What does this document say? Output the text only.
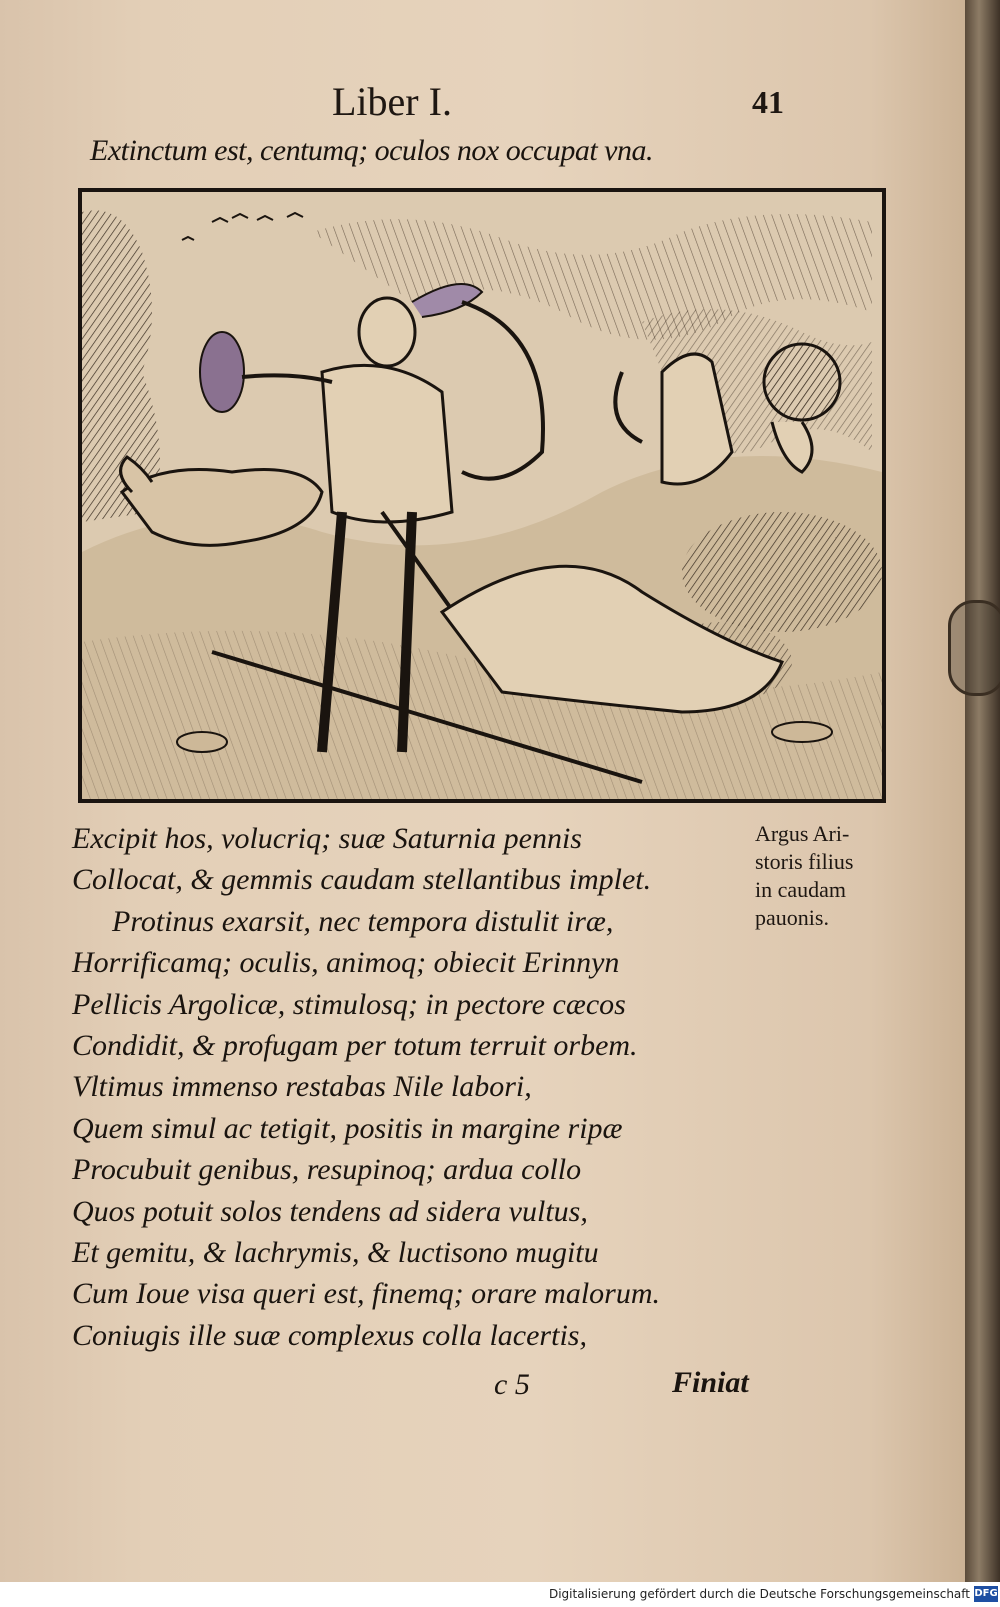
Liber I.	41
Extinctum est, centumq; oculos nox occupat vna.
Excipit hos, volucriq; suæ Saturnia pennis
Collocat, & gemmis caudam stellantibus implet.
Protinus exarsit, nec tempora distulit iræ,
Horrificamq; oculis, animoq; obiecit Erinnyn
Pellicis Argolicæ, stimulosq; in pectore cæcos
Condidit, & profugam per totum terruit orbem.
Vltimus immenso restabas Nile labori,
Quem simul ac tetigit, positis in margine ripæ
Procubuit genibus, resupinoq; ardua collo
Quos potuit solos tendens ad sidera vultus,
Et gemitu, & lachrymis, & luctisono mugitu
Cum Ioue visa queri est, finemq; orare malorum.
Coniugis ille suæ complexus colla lacertis,
Argus Ari-
storis filius
in caudam
pauonis.
c 5	Finiat
Digitalisierung gefördert durch die Deutsche Forschungsgemeinschaft DFG
